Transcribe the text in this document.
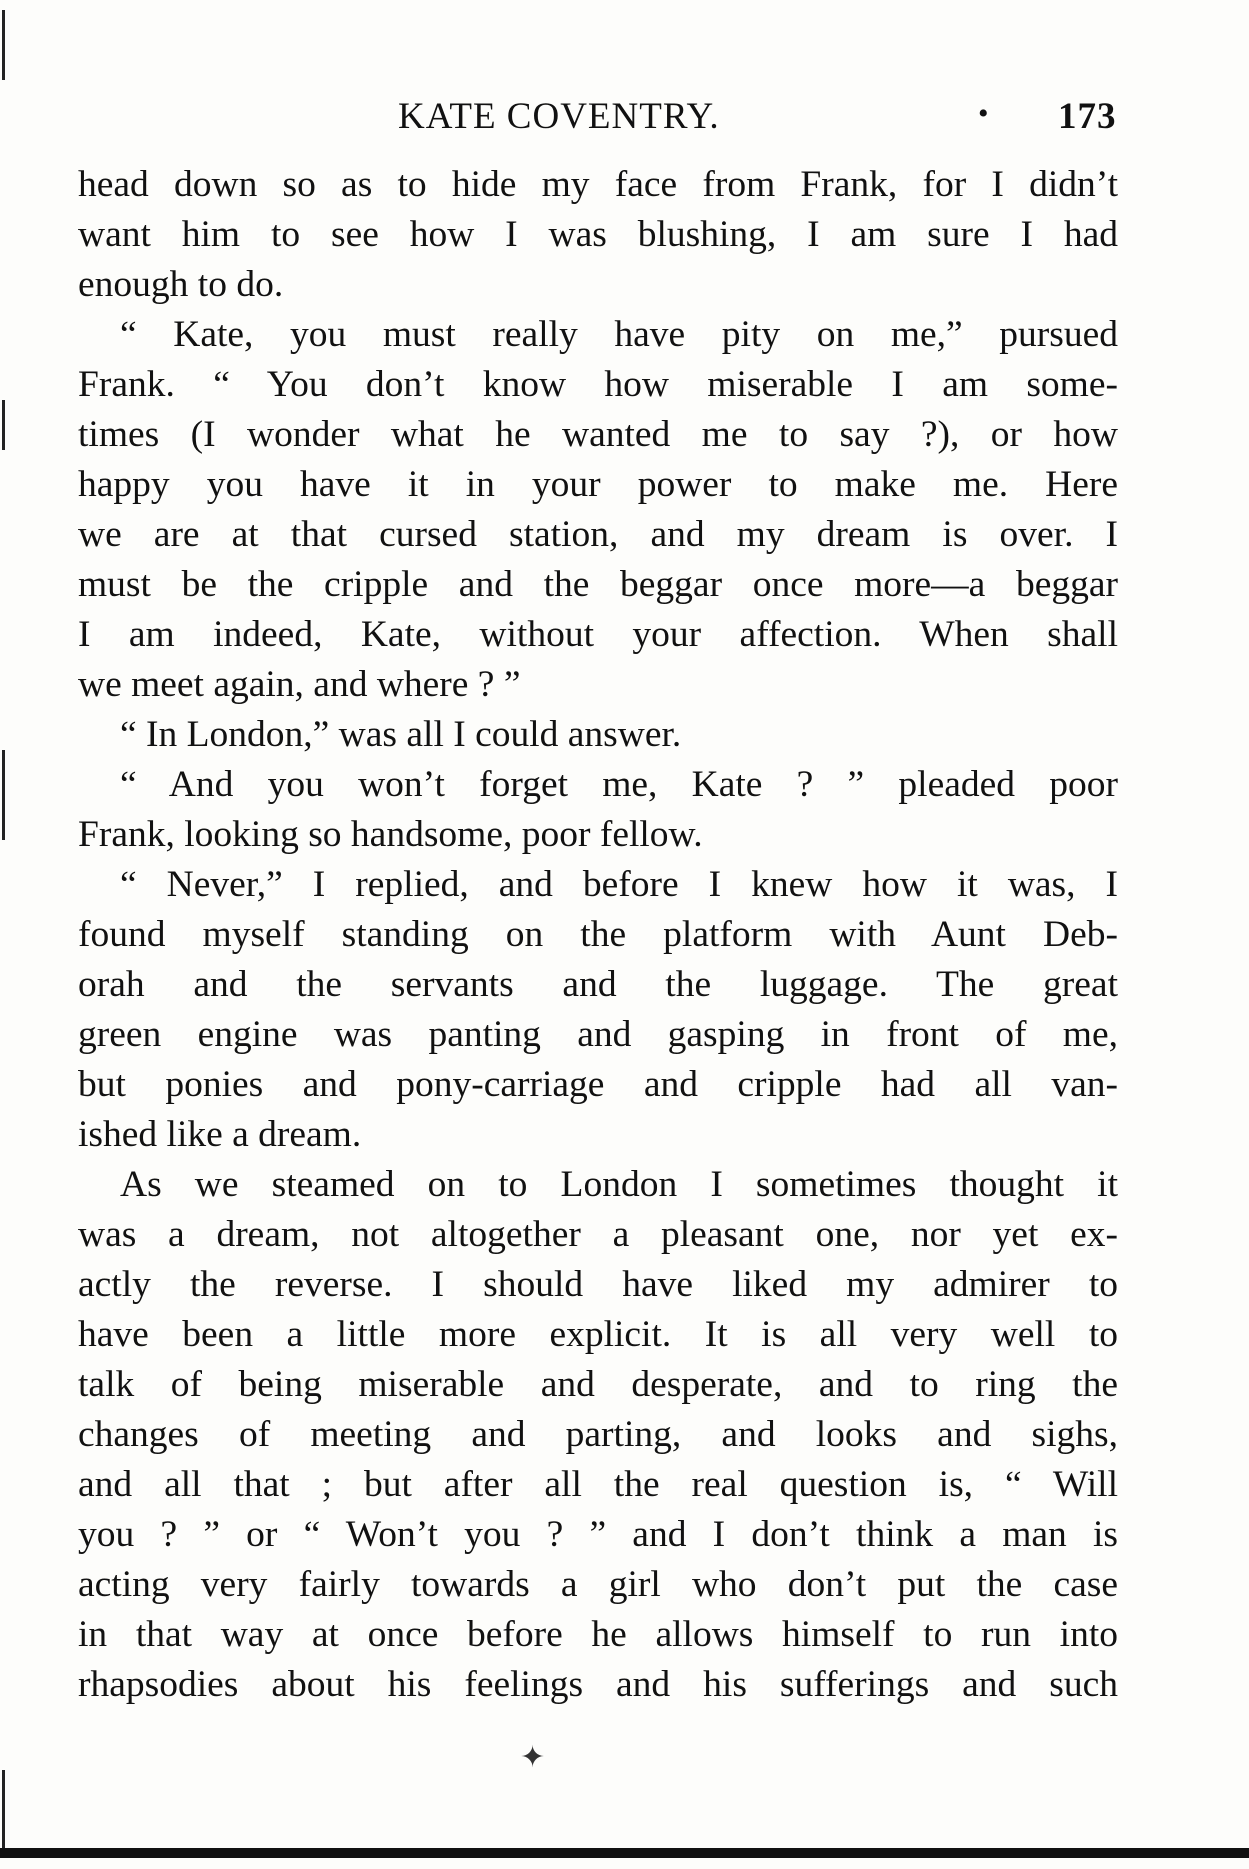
KATE COVENTRY.	• 173
head down so as to hide my face from Frank, for I didn’t
want him to see how I was blushing, I am sure I had
enough to do.
“ Kate, you must really have pity on me,” pursued
Frank. “ You don’t know how miserable I am some-
times (I wonder what he wanted me to say ?), or how
happy you have it in your power to make me. Here
we are at that cursed station, and my dream is over. I
must be the cripple and the beggar once more—a beggar
I am indeed, Kate, without your affection. When shall
we meet again, and where ? ”
“ In London,” was all I could answer.
“ And you won’t forget me, Kate ? ” pleaded poor
Frank, looking so handsome, poor fellow.
“ Never,” I replied, and before I knew how it was, I
found myself standing on the platform with Aunt Deb-
orah and the servants and the luggage. The great
green engine was panting and gasping in front of me,
but ponies and pony-carriage and cripple had all van-
ished like a dream.
As we steamed on to London I sometimes thought it
was a dream, not altogether a pleasant one, nor yet ex-
actly the reverse. I should have liked my admirer to
have been a little more explicit. It is all very well to
talk of being miserable and desperate, and to ring the
changes of meeting and parting, and looks and sighs,
and all that ; but after all the real question is, “ Will
you ? ” or “ Won’t you ? ” and I don’t think a man is
acting very fairly towards a girl who don’t put the case
in that way at once before he allows himself to run into
rhapsodies about his feelings and his sufferings and such
✦
